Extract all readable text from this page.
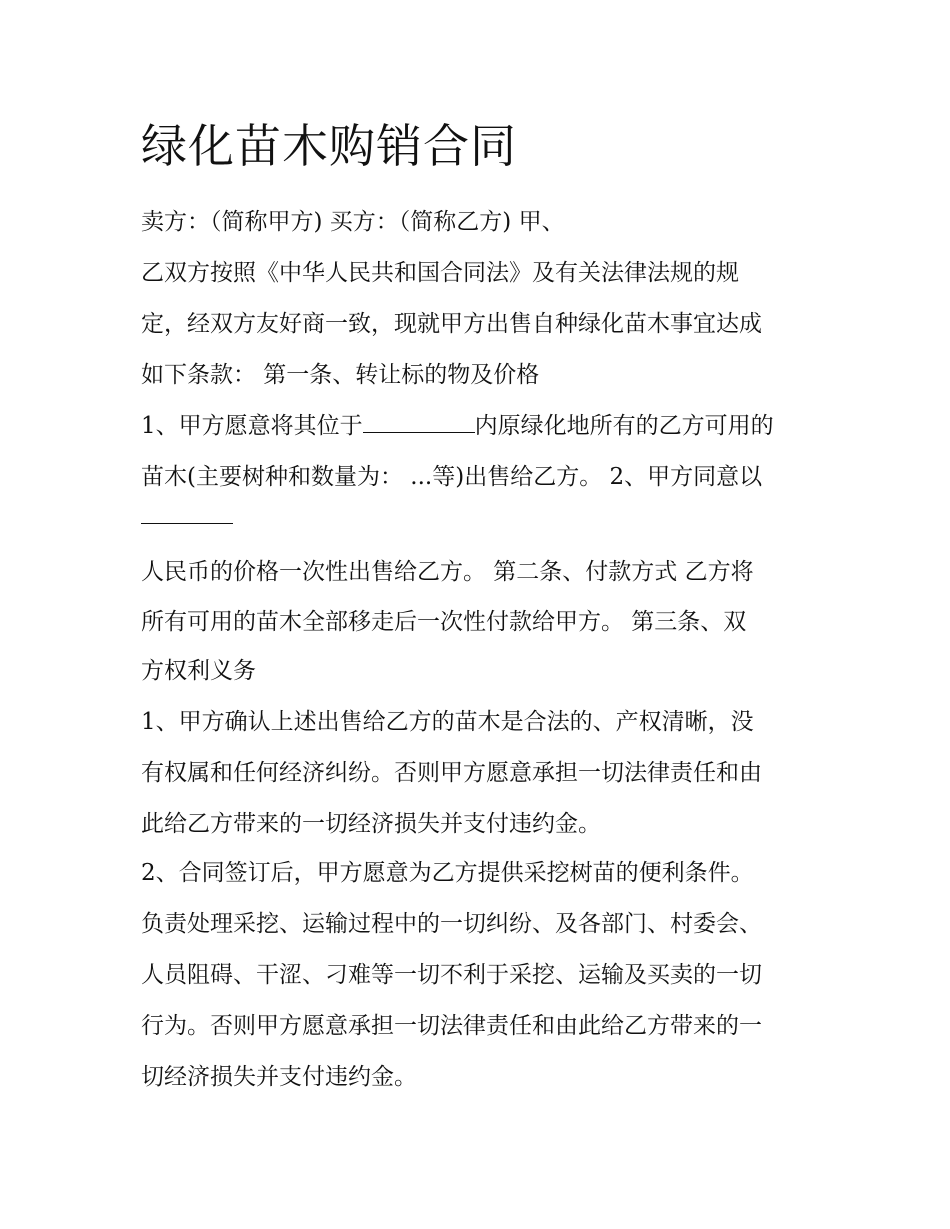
绿化苗木购销合同
卖方：（简称甲方) 买方：（简称乙方) 甲、
乙双方按照《中华人民共和国合同法》及有关法律法规的规
定，经双方友好商一致，现就甲方出售自种绿化苗木事宜达成
如下条款： 第一条、转让标的物及价格
1、甲方愿意将其位于	内原绿化地所有的乙方可用的
苗木(主要树种和数量为： ...等)出售给乙方。 2、甲方同意以
人民币的价格一次性出售给乙方。 第二条、付款方式 乙方将
所有可用的苗木全部移走后一次性付款给甲方。 第三条、双
方权利义务
1、甲方确认上述出售给乙方的苗木是合法的、产权清晰，没
有权属和任何经济纠纷。否则甲方愿意承担一切法律责任和由
此给乙方带来的一切经济损失并支付违约金。
2、合同签订后，甲方愿意为乙方提供采挖树苗的便利条件。
负责处理采挖、运输过程中的一切纠纷、及各部门、村委会、
人员阻碍、干涩、刁难等一切不利于采挖、运输及买卖的一切
行为。否则甲方愿意承担一切法律责任和由此给乙方带来的一
切经济损失并支付违约金。
